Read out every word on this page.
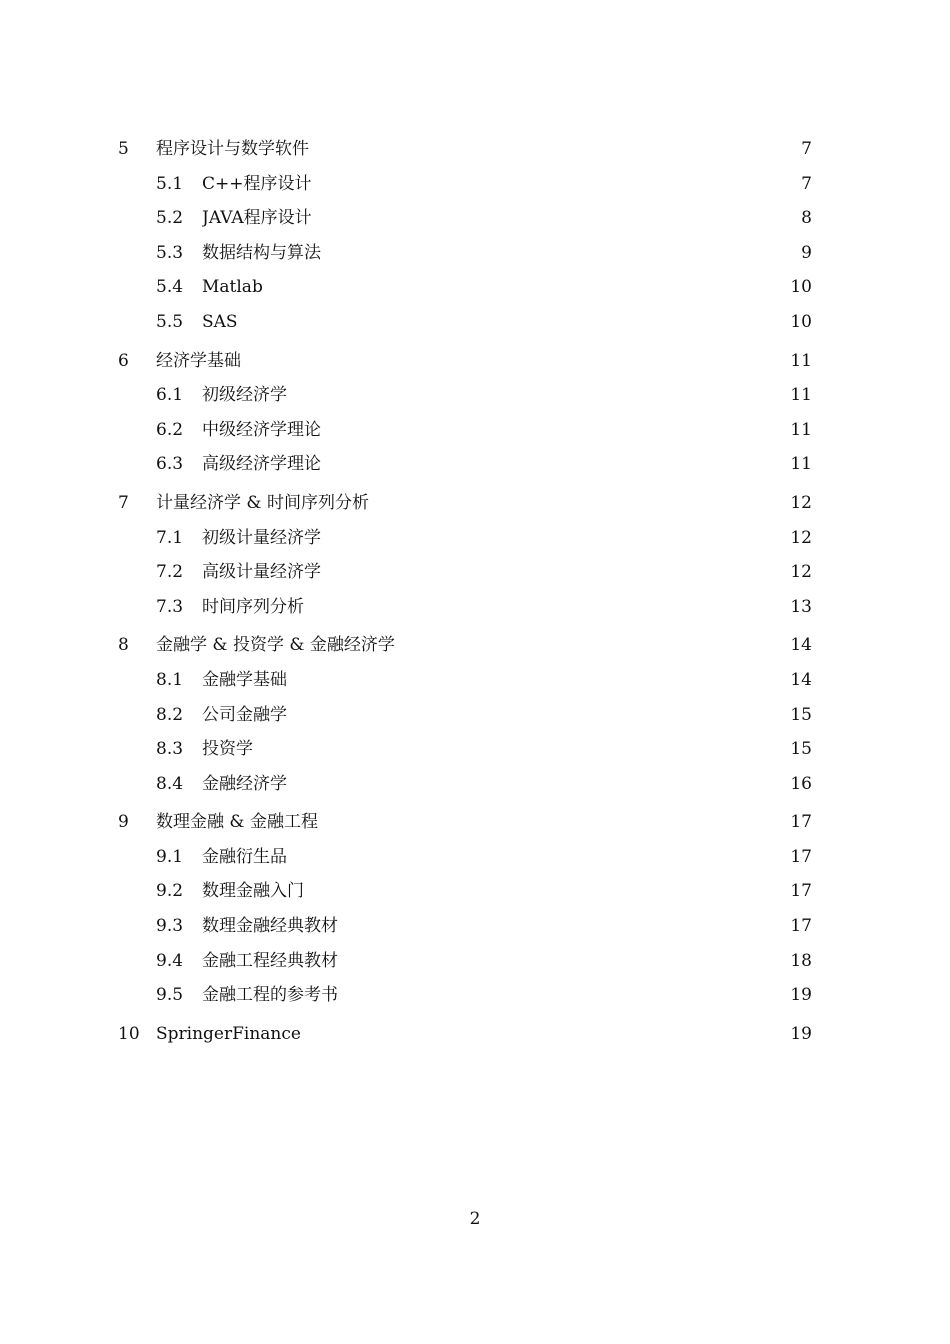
5	程序设计与数学软件	7
5.1	C++程序设计	7
5.2	JAVA程序设计	8
5.3	数据结构与算法	9
5.4	Matlab	10
5.5	SAS	10
6	经济学基础	11
6.1	初级经济学	11
6.2	中级经济学理论	11
6.3	高级经济学理论	11
7	计量经济学 & 时间序列分析	12
7.1	初级计量经济学	12
7.2	高级计量经济学	12
7.3	时间序列分析	13
8	金融学 & 投资学 & 金融经济学	14
8.1	金融学基础	14
8.2	公司金融学	15
8.3	投资学	15
8.4	金融经济学	16
9	数理金融 & 金融工程	17
9.1	金融衍生品	17
9.2	数理金融入门	17
9.3	数理金融经典教材	17
9.4	金融工程经典教材	18
9.5	金融工程的参考书	19
10 SpringerFinance	19
2
